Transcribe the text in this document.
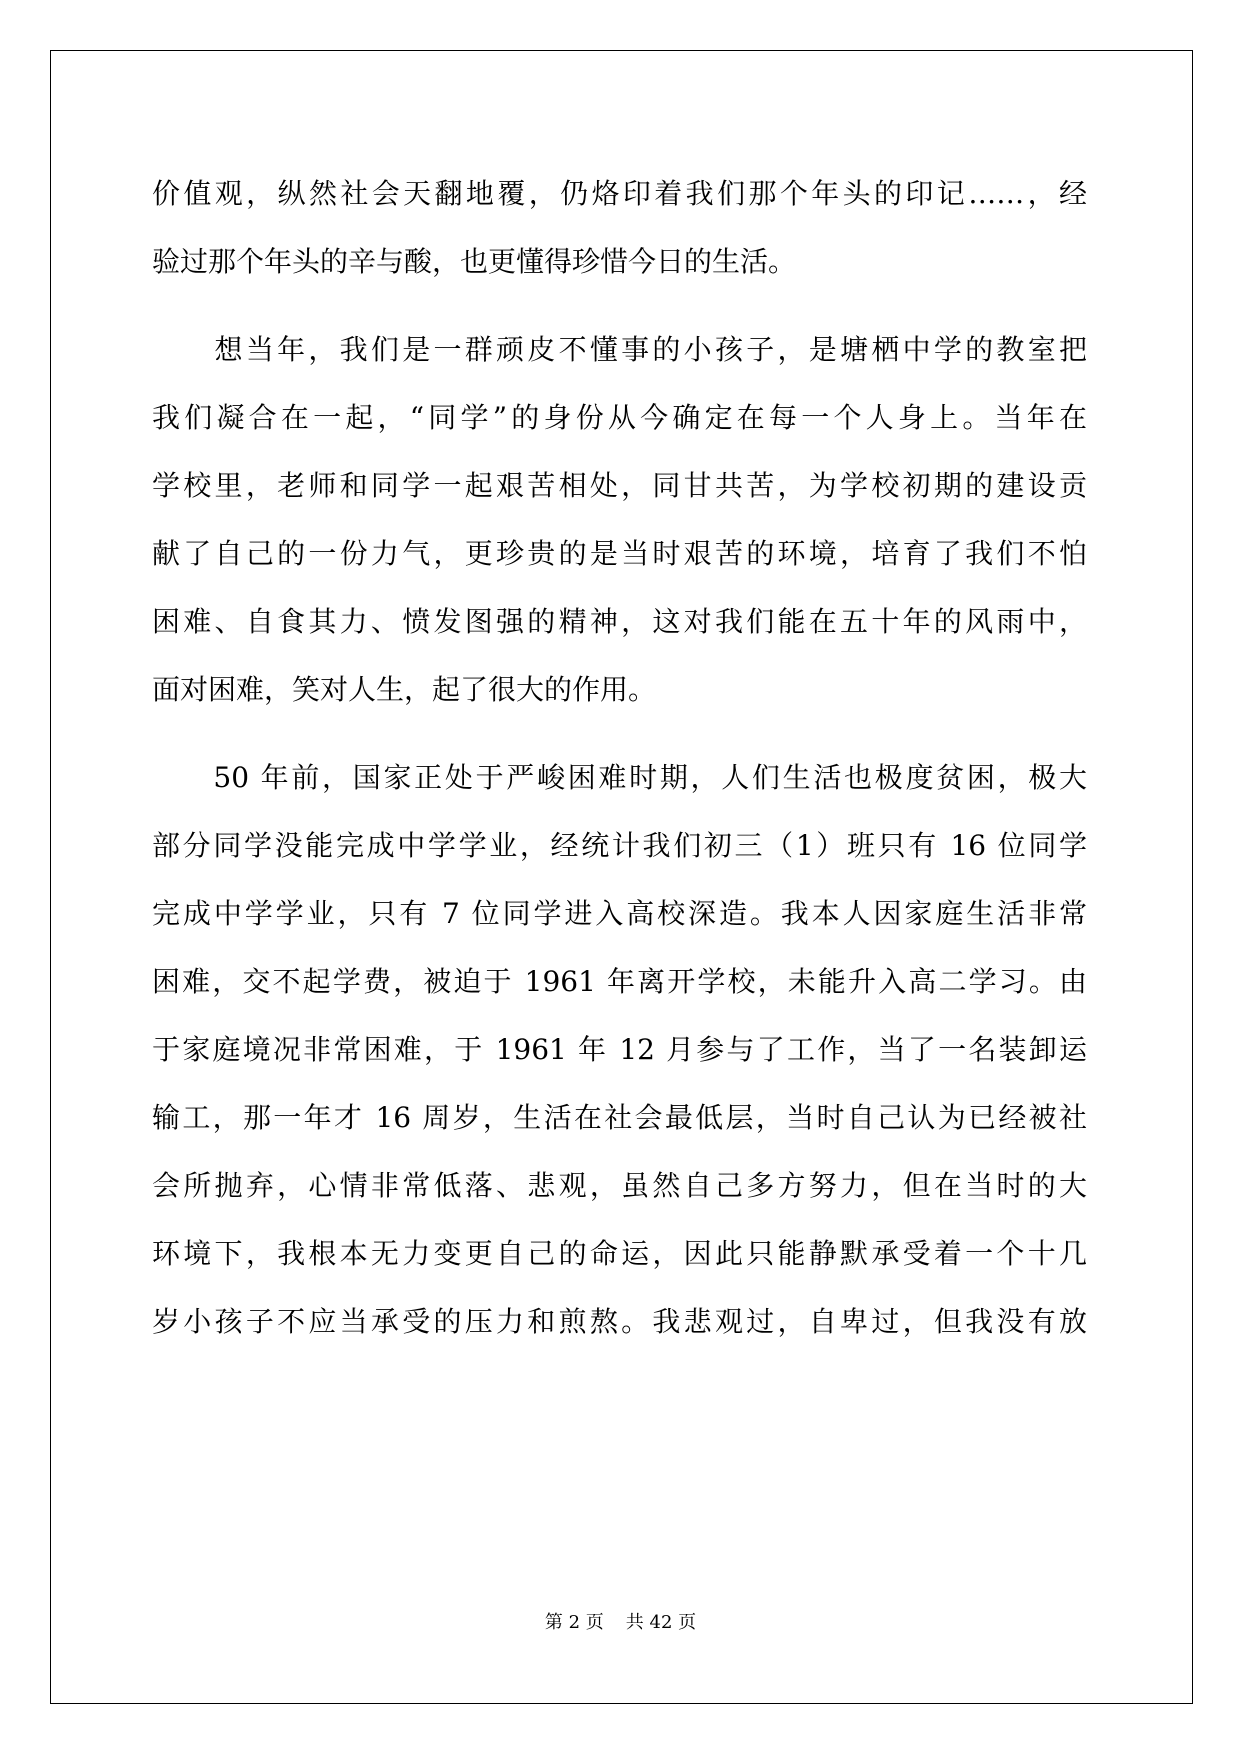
价值观，纵然社会天翻地覆，仍烙印着我们那个年头的印记……，经
验过那个年头的辛与酸，也更懂得珍惜今日的生活。
　　想当年，我们是一群顽皮不懂事的小孩子，是塘栖中学的教室把
我们凝合在一起，“同学”的身份从今确定在每一个人身上。当年在
学校里，老师和同学一起艰苦相处，同甘共苦，为学校初期的建设贡
献了自己的一份力气，更珍贵的是当时艰苦的环境，培育了我们不怕
困难、自食其力、愤发图强的精神，这对我们能在五十年的风雨中，
面对困难，笑对人生，起了很大的作用。
　　50 年前，国家正处于严峻困难时期，人们生活也极度贫困，极大
部分同学没能完成中学学业，经统计我们初三（1）班只有 16 位同学
完成中学学业，只有 7 位同学进入高校深造。我本人因家庭生活非常
困难，交不起学费，被迫于 1961 年离开学校，未能升入高二学习。由
于家庭境况非常困难，于 1961 年 12 月参与了工作，当了一名装卸运
输工，那一年才 16 周岁，生活在社会最低层，当时自己认为已经被社
会所抛弃，心情非常低落、悲观，虽然自己多方努力，但在当时的大
环境下，我根本无力变更自己的命运，因此只能静默承受着一个十几
岁小孩子不应当承受的压力和煎熬。我悲观过，自卑过，但我没有放
第 2 页 共 42 页
